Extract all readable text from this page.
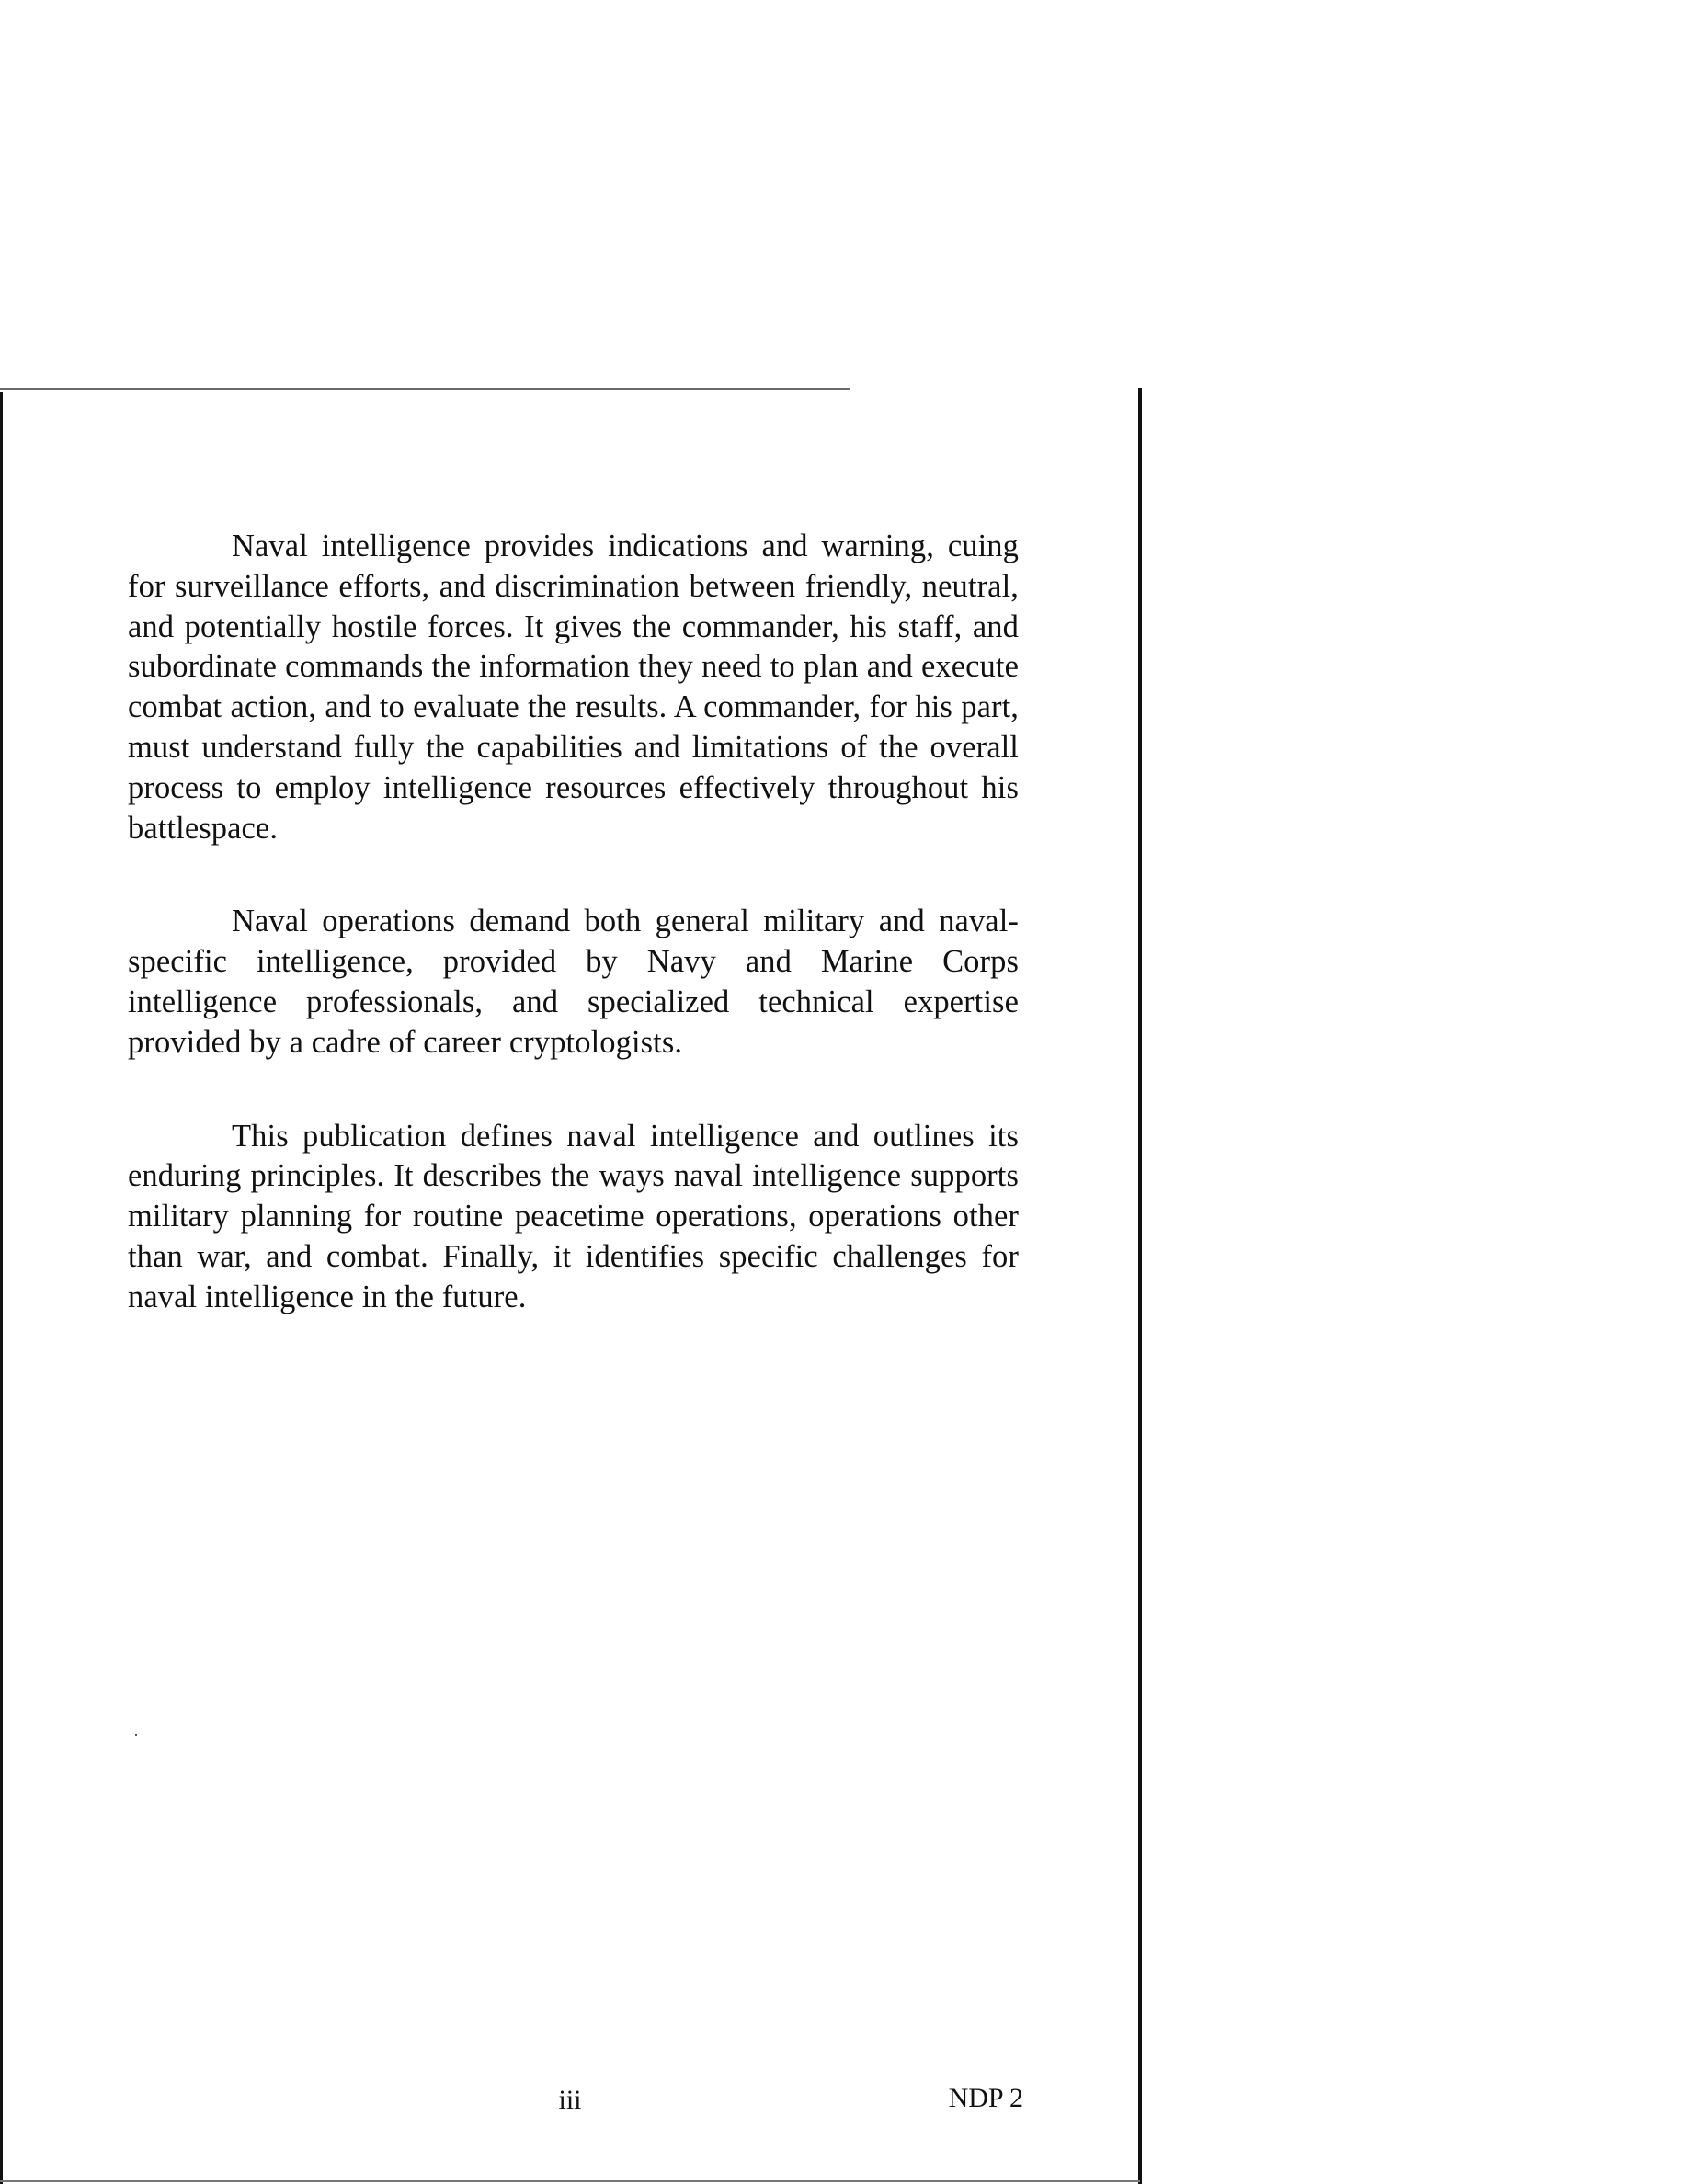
Naval intelligence provides indications and warning, cuing for surveillance efforts, and discrimination between friendly, neutral, and potentially hostile forces. It gives the commander, his staff, and subordinate commands the information they need to plan and execute combat action, and to evaluate the results. A commander, for his part, must understand fully the capabilities and limitations of the overall process to employ intelligence resources effectively throughout his battlespace.

Naval operations demand both general military and naval-specific intelligence, provided by Navy and Marine Corps intelligence professionals, and specialized technical expertise provided by a cadre of career cryptologists.

This publication defines naval intelligence and outlines its enduring principles. It describes the ways naval intelligence supports military planning for routine peacetime operations, operations other than war, and combat. Finally, it identifies specific challenges for naval intelligence in the future.

iii	NDP 2
